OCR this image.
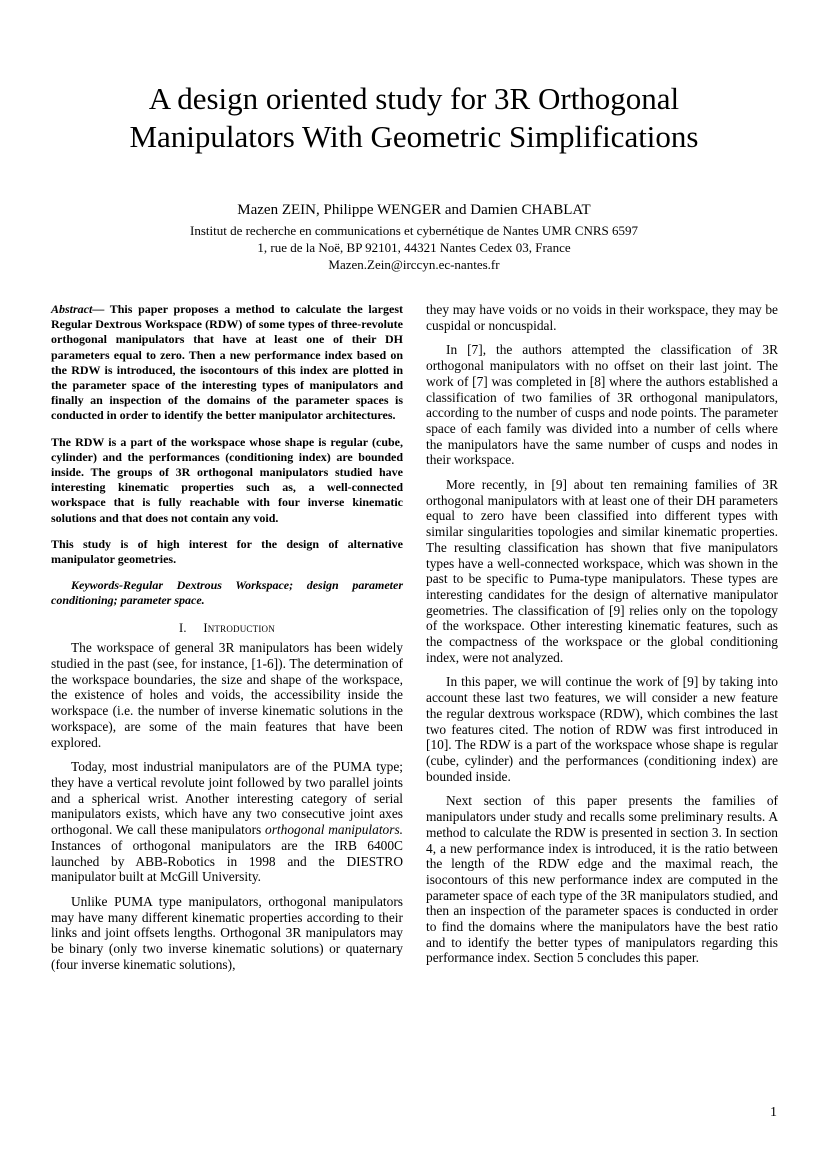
A design oriented study for 3R Orthogonal
Manipulators With Geometric Simplifications
Mazen ZEIN, Philippe WENGER and Damien CHABLAT
Institut de recherche en communications et cybernétique de Nantes UMR CNRS 6597
1, rue de la Noë, BP 92101, 44321 Nantes Cedex 03, France
Mazen.Zein@irccyn.ec-nantes.fr

Abstract— This paper proposes a method to calculate the largest Regular Dextrous Workspace (RDW) of some types of three-revolute orthogonal manipulators that have at least one of their DH parameters equal to zero. Then a new performance index based on the RDW is introduced, the isocontours of this index are plotted in the parameter space of the interesting types of manipulators and finally an inspection of the domains of the parameter spaces is conducted in order to identify the better manipulator architectures.

The RDW is a part of the workspace whose shape is regular (cube, cylinder) and the performances (conditioning index) are bounded inside. The groups of 3R orthogonal manipulators studied have interesting kinematic properties such as, a well-connected workspace that is fully reachable with four inverse kinematic solutions and that does not contain any void.

This study is of high interest for the design of alternative manipulator geometries.

Keywords-Regular Dextrous Workspace; design parameter conditioning; parameter space.

I. Introduction

The workspace of general 3R manipulators has been widely studied in the past (see, for instance, [1-6]). The determination of the workspace boundaries, the size and shape of the workspace, the existence of holes and voids, the accessibility inside the workspace (i.e. the number of inverse kinematic solutions in the workspace), are some of the main features that have been explored.

Today, most industrial manipulators are of the PUMA type; they have a vertical revolute joint followed by two parallel joints and a spherical wrist. Another interesting category of serial manipulators exists, which have any two consecutive joint axes orthogonal. We call these manipulators orthogonal manipulators. Instances of orthogonal manipulators are the IRB 6400C launched by ABB-Robotics in 1998 and the DIESTRO manipulator built at McGill University.

Unlike PUMA type manipulators, orthogonal manipulators may have many different kinematic properties according to their links and joint offsets lengths. Orthogonal 3R manipulators may be binary (only two inverse kinematic solutions) or quaternary (four inverse kinematic solutions),

they may have voids or no voids in their workspace, they may be cuspidal or noncuspidal.

In [7], the authors attempted the classification of 3R orthogonal manipulators with no offset on their last joint. The work of [7] was completed in [8] where the authors established a classification of two families of 3R orthogonal manipulators, according to the number of cusps and node points. The parameter space of each family was divided into a number of cells where the manipulators have the same number of cusps and nodes in their workspace.

More recently, in [9] about ten remaining families of 3R orthogonal manipulators with at least one of their DH parameters equal to zero have been classified into different types with similar singularities topologies and similar kinematic properties. The resulting classification has shown that five manipulators types have a well-connected workspace, which was shown in the past to be specific to Puma-type manipulators. These types are interesting candidates for the design of alternative manipulator geometries. The classification of [9] relies only on the topology of the workspace. Other interesting kinematic features, such as the compactness of the workspace or the global conditioning index, were not analyzed.

In this paper, we will continue the work of [9] by taking into account these last two features, we will consider a new feature the regular dextrous workspace (RDW), which combines the last two features cited. The notion of RDW was first introduced in [10]. The RDW is a part of the workspace whose shape is regular (cube, cylinder) and the performances (conditioning index) are bounded inside.

Next section of this paper presents the families of manipulators under study and recalls some preliminary results. A method to calculate the RDW is presented in section 3. In section 4, a new performance index is introduced, it is the ratio between the length of the RDW edge and the maximal reach, the isocontours of this new performance index are computed in the parameter space of each type of the 3R manipulators studied, and then an inspection of the parameter spaces is conducted in order to find the domains where the manipulators have the best ratio and to identify the better types of manipulators regarding this performance index. Section 5 concludes this paper.

1
